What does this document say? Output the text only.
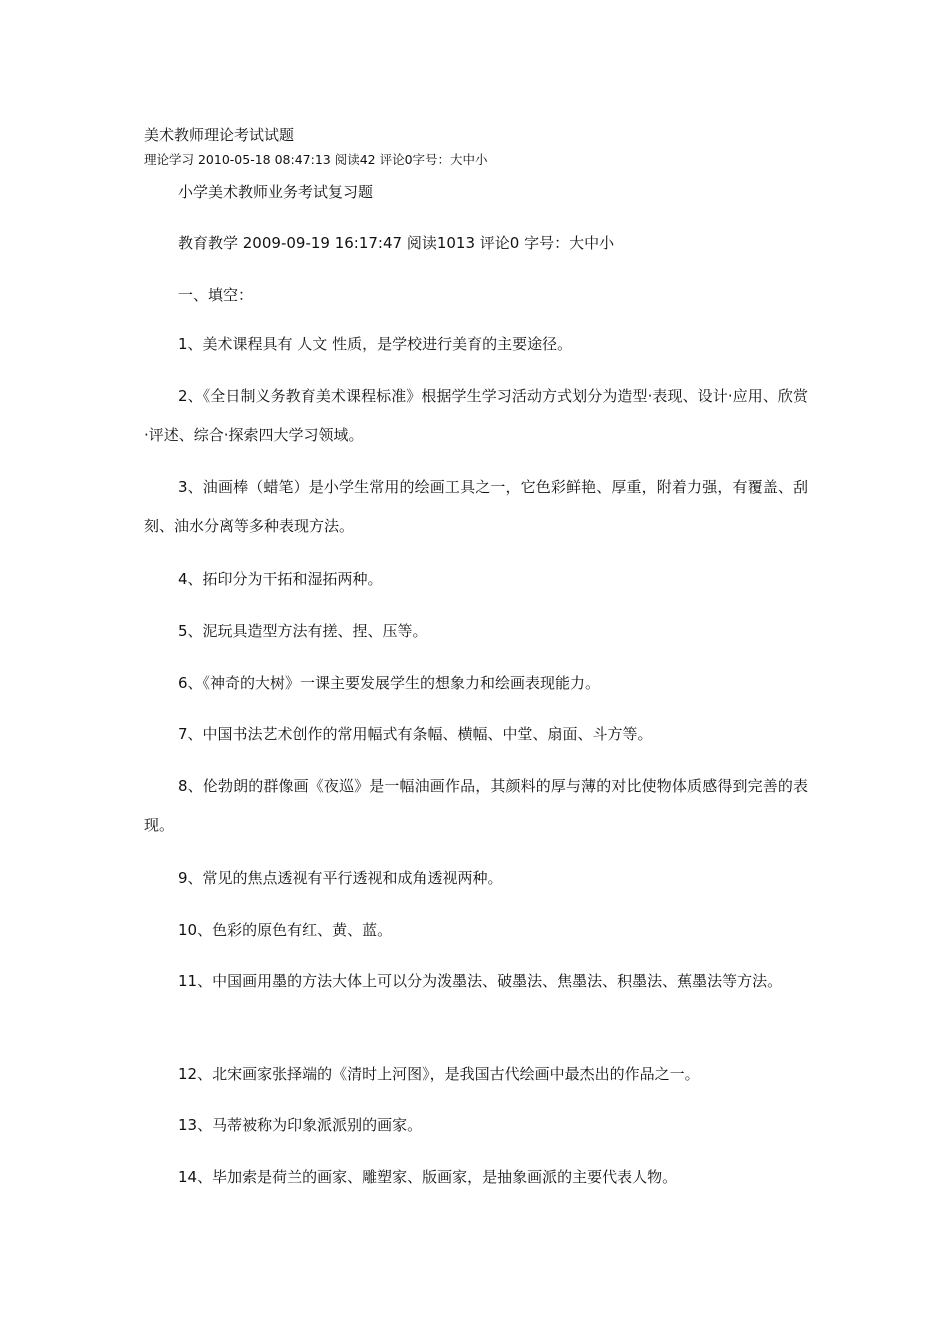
美术教师理论考试试题
理论学习 2010-05-18 08:47:13 阅读42 评论0字号：大中小
小学美术教师业务考试复习题
教育教学 2009-09-19 16:17:47 阅读1013 评论0 字号：大中小
一、填空：
1、美术课程具有 人文 性质，是学校进行美育的主要途径。
2、《全日制义务教育美术课程标准》根据学生学习活动方式划分为造型·表现、设计·应用、欣赏·评述、综合·探索四大学习领域。
3、油画棒（蜡笔）是小学生常用的绘画工具之一，它色彩鲜艳、厚重，附着力强，有覆盖、刮刻、油水分离等多种表现方法。
4、拓印分为干拓和湿拓两种。
5、泥玩具造型方法有搓、捏、压等。
6、《神奇的大树》一课主要发展学生的想象力和绘画表现能力。
7、中国书法艺术创作的常用幅式有条幅、横幅、中堂、扇面、斗方等。
8、伦勃朗的群像画《夜巡》是一幅油画作品，其颜料的厚与薄的对比使物体质感得到完善的表现。
9、常见的焦点透视有平行透视和成角透视两种。
10、色彩的原色有红、黄、蓝。
11、中国画用墨的方法大体上可以分为泼墨法、破墨法、焦墨法、积墨法、蕉墨法等方法。
12、北宋画家张择端的《清时上河图》，是我国古代绘画中最杰出的作品之一。
13、马蒂被称为印象派派别的画家。
14、毕加索是荷兰的画家、雕塑家、版画家，是抽象画派的主要代表人物。
